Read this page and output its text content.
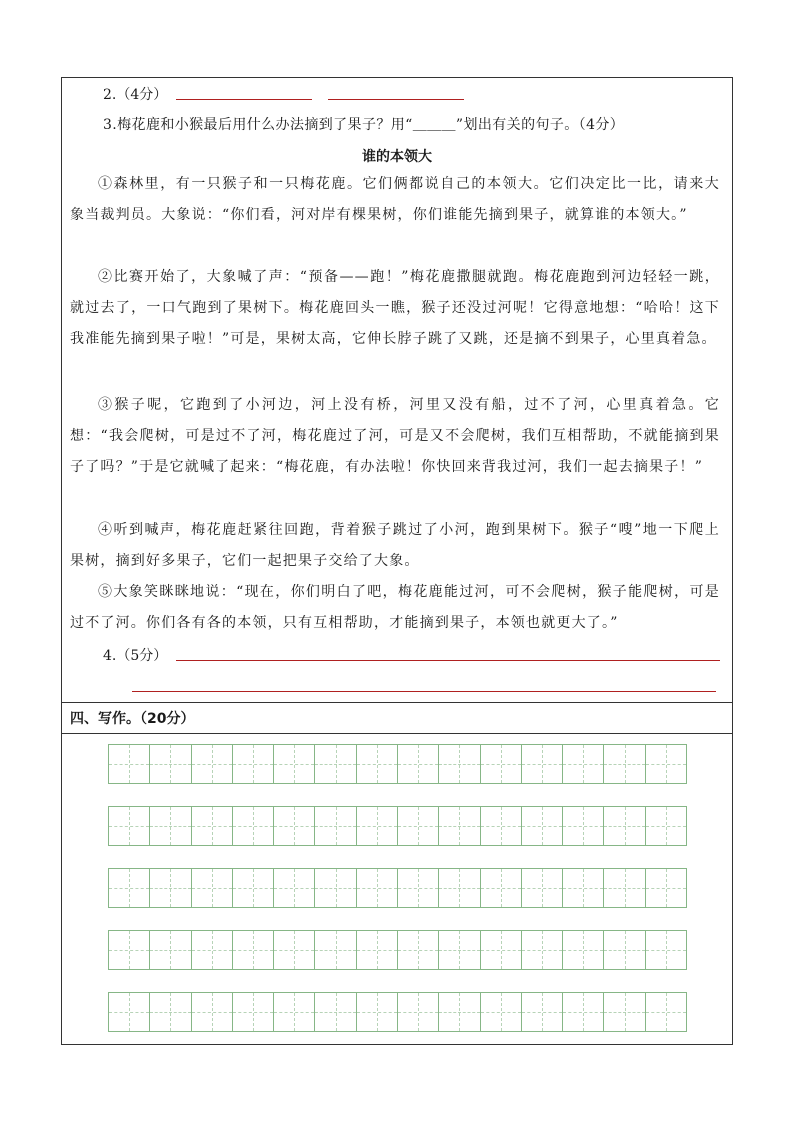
2.（4分）
3.梅花鹿和小猴最后用什么办法摘到了果子？用“＿＿＿”划出有关的句子。（4分）
谁的本领大
①森林里，有一只猴子和一只梅花鹿。它们俩都说自己的本领大。它们决定比一比，请来大象当裁判员。大象说：“你们看，河对岸有棵果树，你们谁能先摘到果子，就算谁的本领大。”
②比赛开始了，大象喊了声：“预备——跑！”梅花鹿撒腿就跑。梅花鹿跑到河边轻轻一跳，就过去了，一口气跑到了果树下。梅花鹿回头一瞧，猴子还没过河呢！它得意地想：“哈哈！这下我准能先摘到果子啦！”可是，果树太高，它伸长脖子跳了又跳，还是摘不到果子，心里真着急。
③猴子呢，它跑到了小河边，河上没有桥，河里又没有船，过不了河，心里真着急。它想：“我会爬树，可是过不了河，梅花鹿过了河，可是又不会爬树，我们互相帮助，不就能摘到果子了吗？”于是它就喊了起来：“梅花鹿，有办法啦！你快回来背我过河，我们一起去摘果子！”
④听到喊声，梅花鹿赶紧往回跑，背着猴子跳过了小河，跑到果树下。猴子“嗖”地一下爬上果树，摘到好多果子，它们一起把果子交给了大象。
⑤大象笑眯眯地说：“现在，你们明白了吧，梅花鹿能过河，可不会爬树，猴子能爬树，可是过不了河。你们各有各的本领，只有互相帮助，才能摘到果子，本领也就更大了。”
4.（5分）
四、写作。（20分）
